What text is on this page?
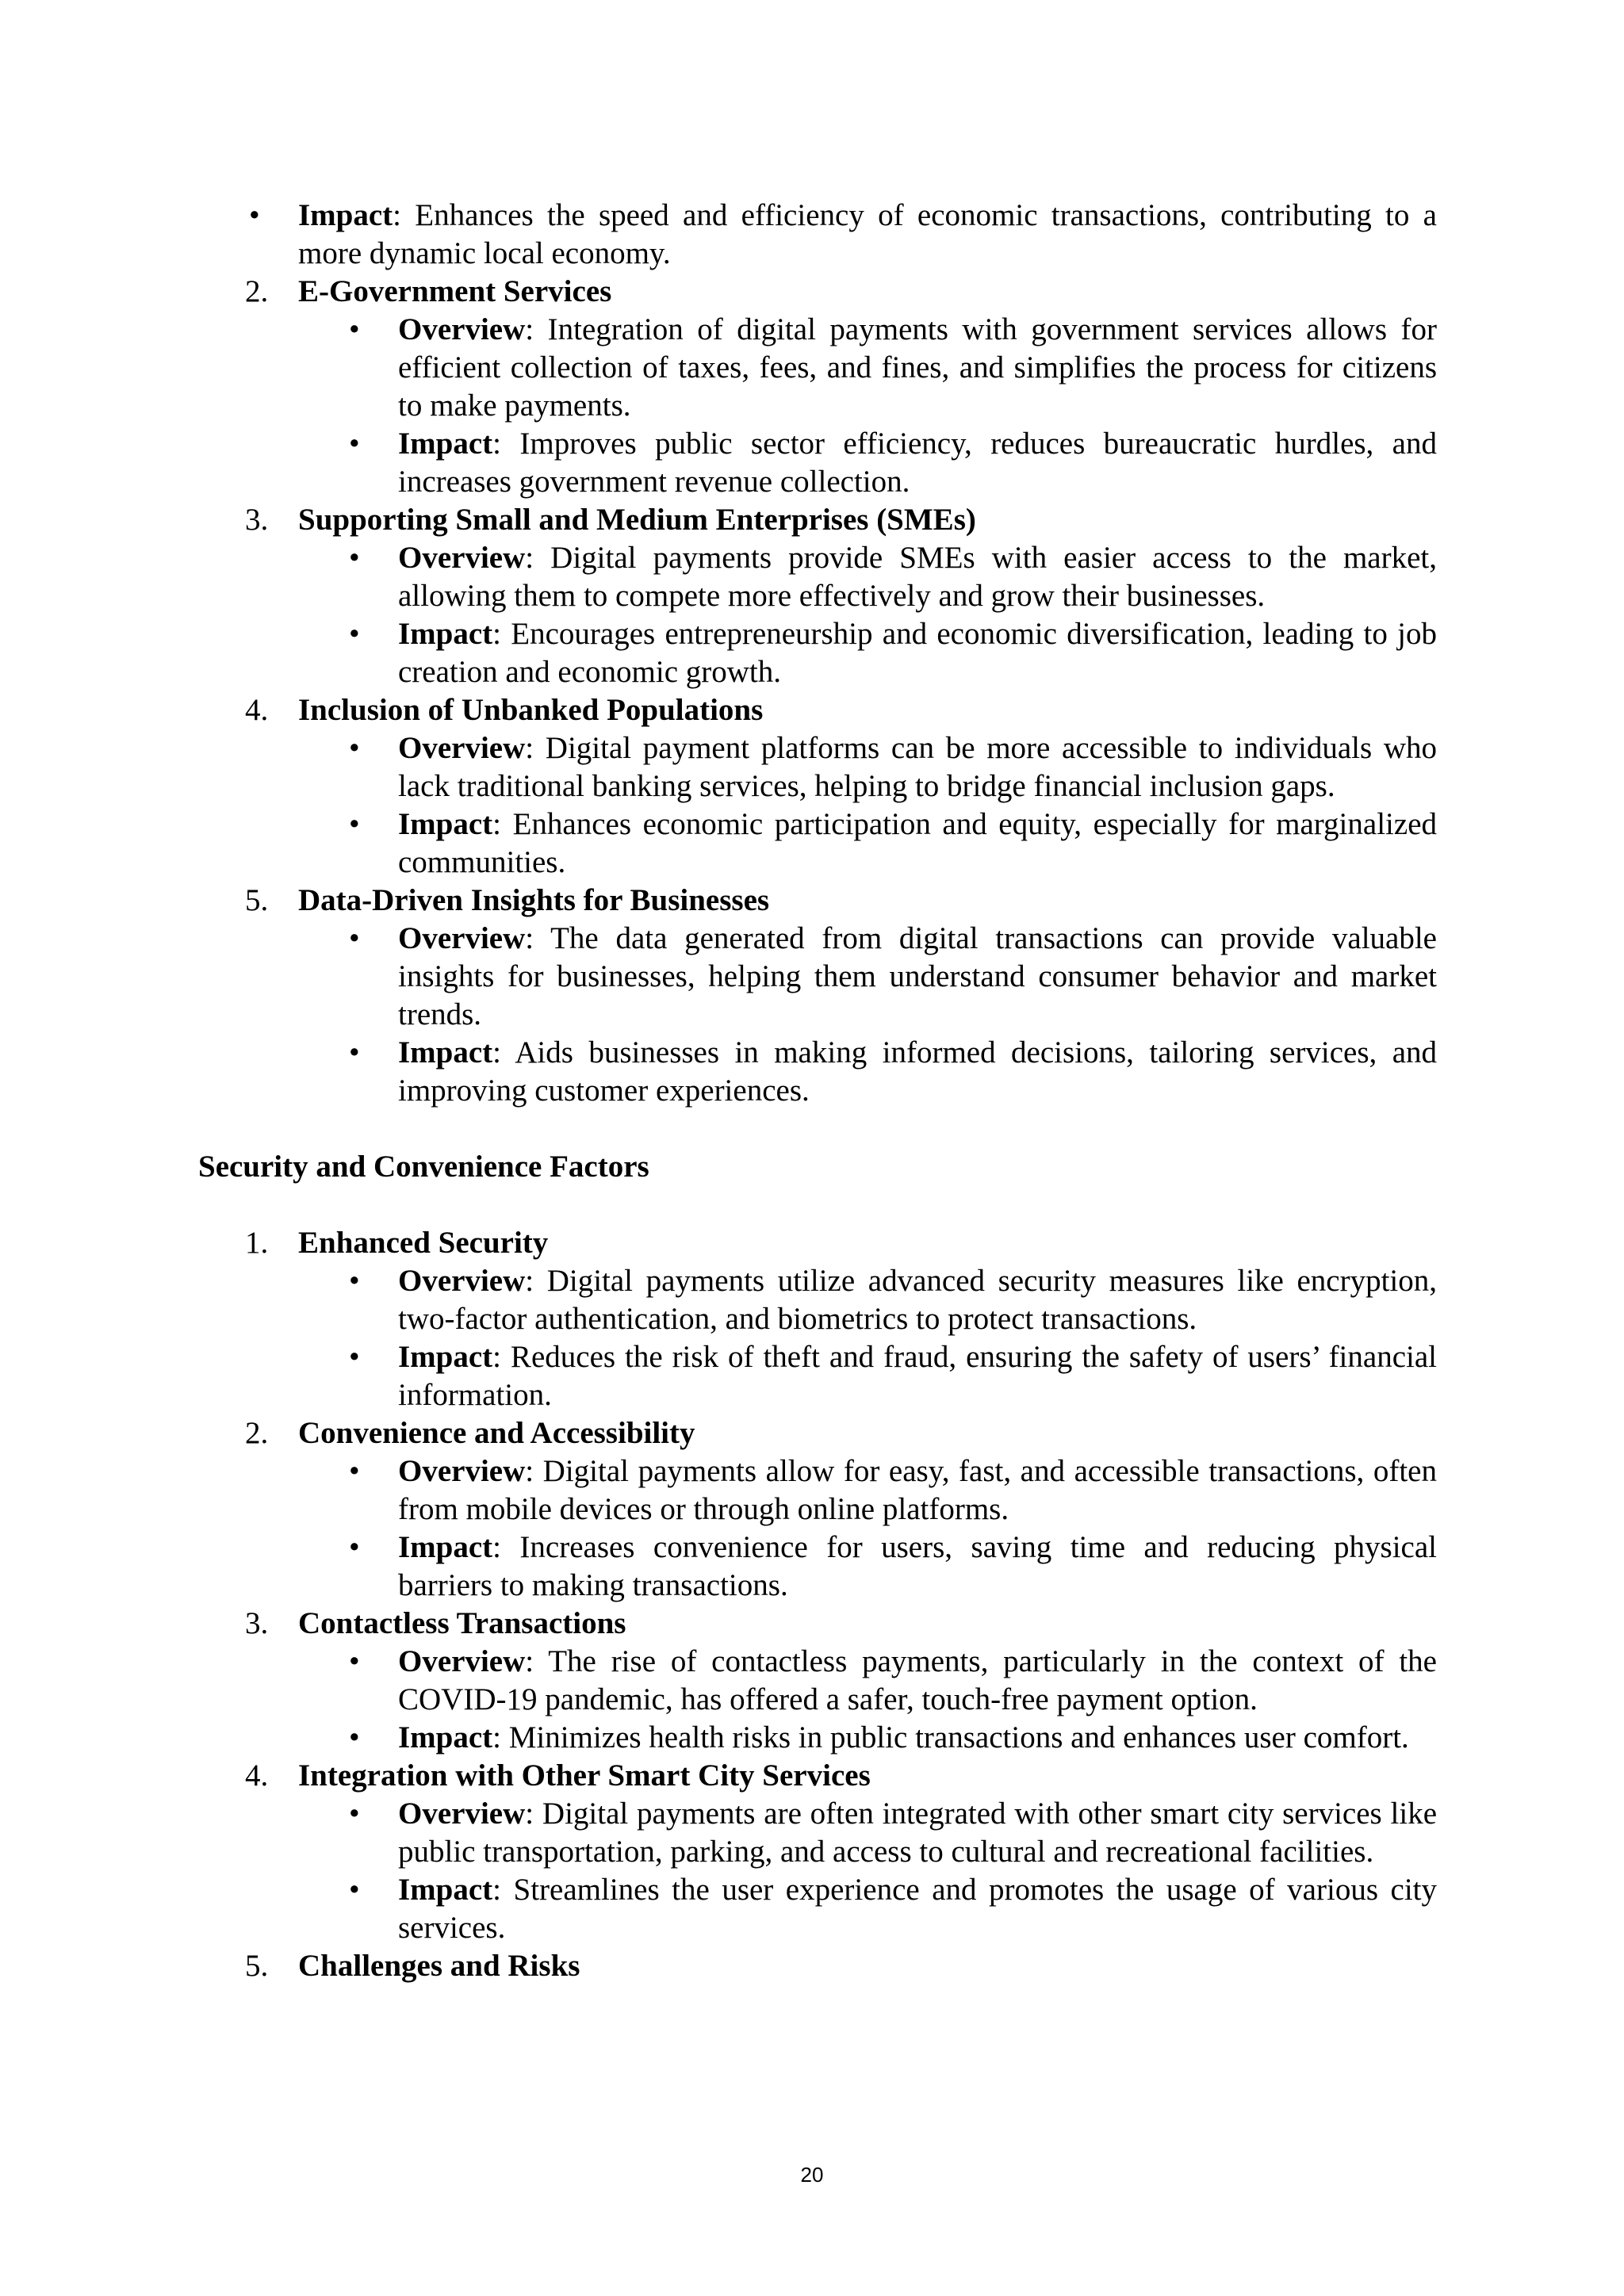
• Impact: Enhances the speed and efficiency of economic transactions, contributing to a more dynamic local economy.
2. E-Government Services
• Overview: Integration of digital payments with government services allows for efficient collection of taxes, fees, and fines, and simplifies the process for citizens to make payments.
• Impact: Improves public sector efficiency, reduces bureaucratic hurdles, and increases government revenue collection.
3. Supporting Small and Medium Enterprises (SMEs)
• Overview: Digital payments provide SMEs with easier access to the market, allowing them to compete more effectively and grow their businesses.
• Impact: Encourages entrepreneurship and economic diversification, leading to job creation and economic growth.
4. Inclusion of Unbanked Populations
• Overview: Digital payment platforms can be more accessible to individuals who lack traditional banking services, helping to bridge financial inclusion gaps.
• Impact: Enhances economic participation and equity, especially for marginalized communities.
5. Data-Driven Insights for Businesses
• Overview: The data generated from digital transactions can provide valuable insights for businesses, helping them understand consumer behavior and market trends.
• Impact: Aids businesses in making informed decisions, tailoring services, and improving customer experiences.
Security and Convenience Factors
1. Enhanced Security
• Overview: Digital payments utilize advanced security measures like encryption, two-factor authentication, and biometrics to protect transactions.
• Impact: Reduces the risk of theft and fraud, ensuring the safety of users’ financial information.
2. Convenience and Accessibility
• Overview: Digital payments allow for easy, fast, and accessible transactions, often from mobile devices or through online platforms.
• Impact: Increases convenience for users, saving time and reducing physical barriers to making transactions.
3. Contactless Transactions
• Overview: The rise of contactless payments, particularly in the context of the COVID-19 pandemic, has offered a safer, touch-free payment option.
• Impact: Minimizes health risks in public transactions and enhances user comfort.
4. Integration with Other Smart City Services
• Overview: Digital payments are often integrated with other smart city services like public transportation, parking, and access to cultural and recreational facilities.
• Impact: Streamlines the user experience and promotes the usage of various city services.
5. Challenges and Risks
20
